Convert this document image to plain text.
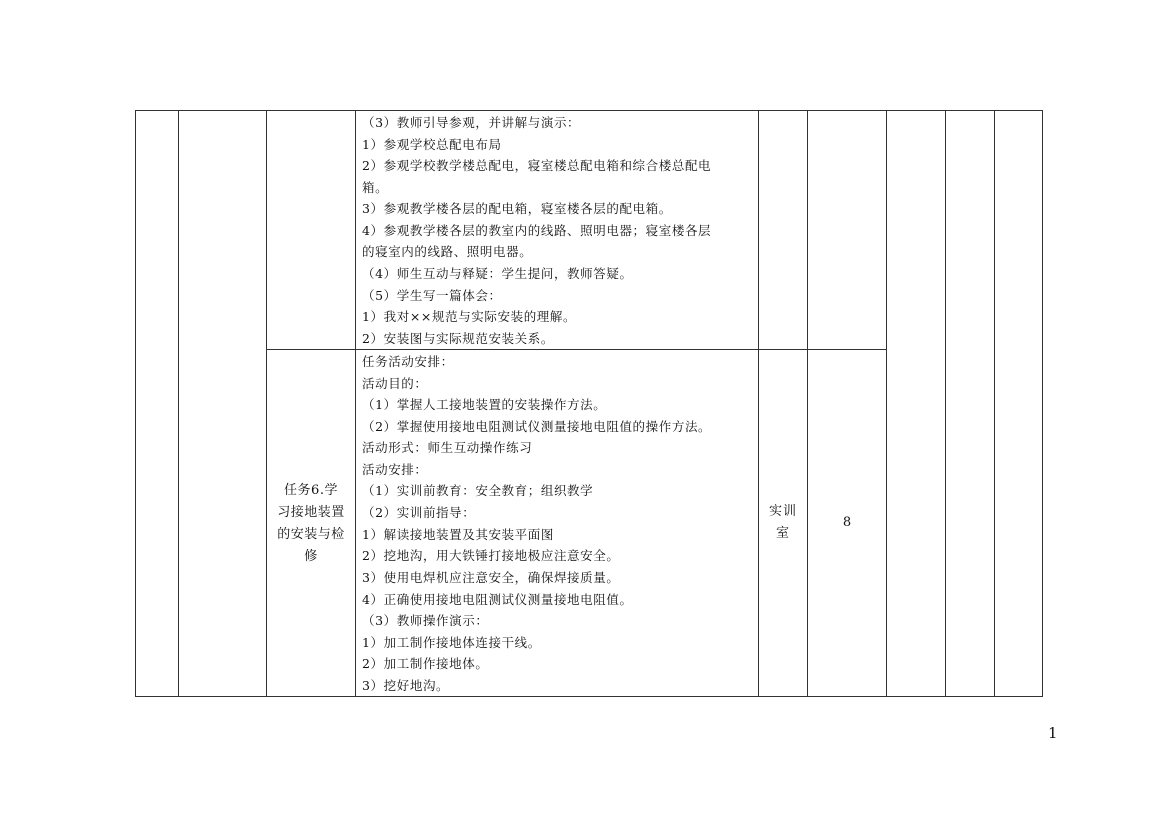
（3）教师引导参观，并讲解与演示：
1）参观学校总配电布局
2）参观学校教学楼总配电，寝室楼总配电箱和综合楼总配电
箱。
3）参观教学楼各层的配电箱，寝室楼各层的配电箱。
4）参观教学楼各层的教室内的线路、照明电器；寝室楼各层
的寝室内的线路、照明电器。
（4）师生互动与释疑：学生提问，教师答疑。
（5）学生写一篇体会：
1）我对××规范与实际安装的理解。
2）安装图与实际规范安装关系。
任务活动安排：
活动目的：
（1）掌握人工接地装置的安装操作方法。
（2）掌握使用接地电阻测试仪测量接地电阻值的操作方法。
活动形式：师生互动操作练习
活动安排：
（1）实训前教育：安全教育；组织教学
（2）实训前指导：
1）解读接地装置及其安装平面图
2）挖地沟，用大铁锤打接地极应注意安全。
3）使用电焊机应注意安全，确保焊接质量。
4）正确使用接地电阻测试仪测量接地电阻值。
（3）教师操作演示：
1）加工制作接地体连接干线。
2）加工制作接地体。
3）挖好地沟。
任务6.学
习接地装置
的安装与检
修
实训
室
8
1
